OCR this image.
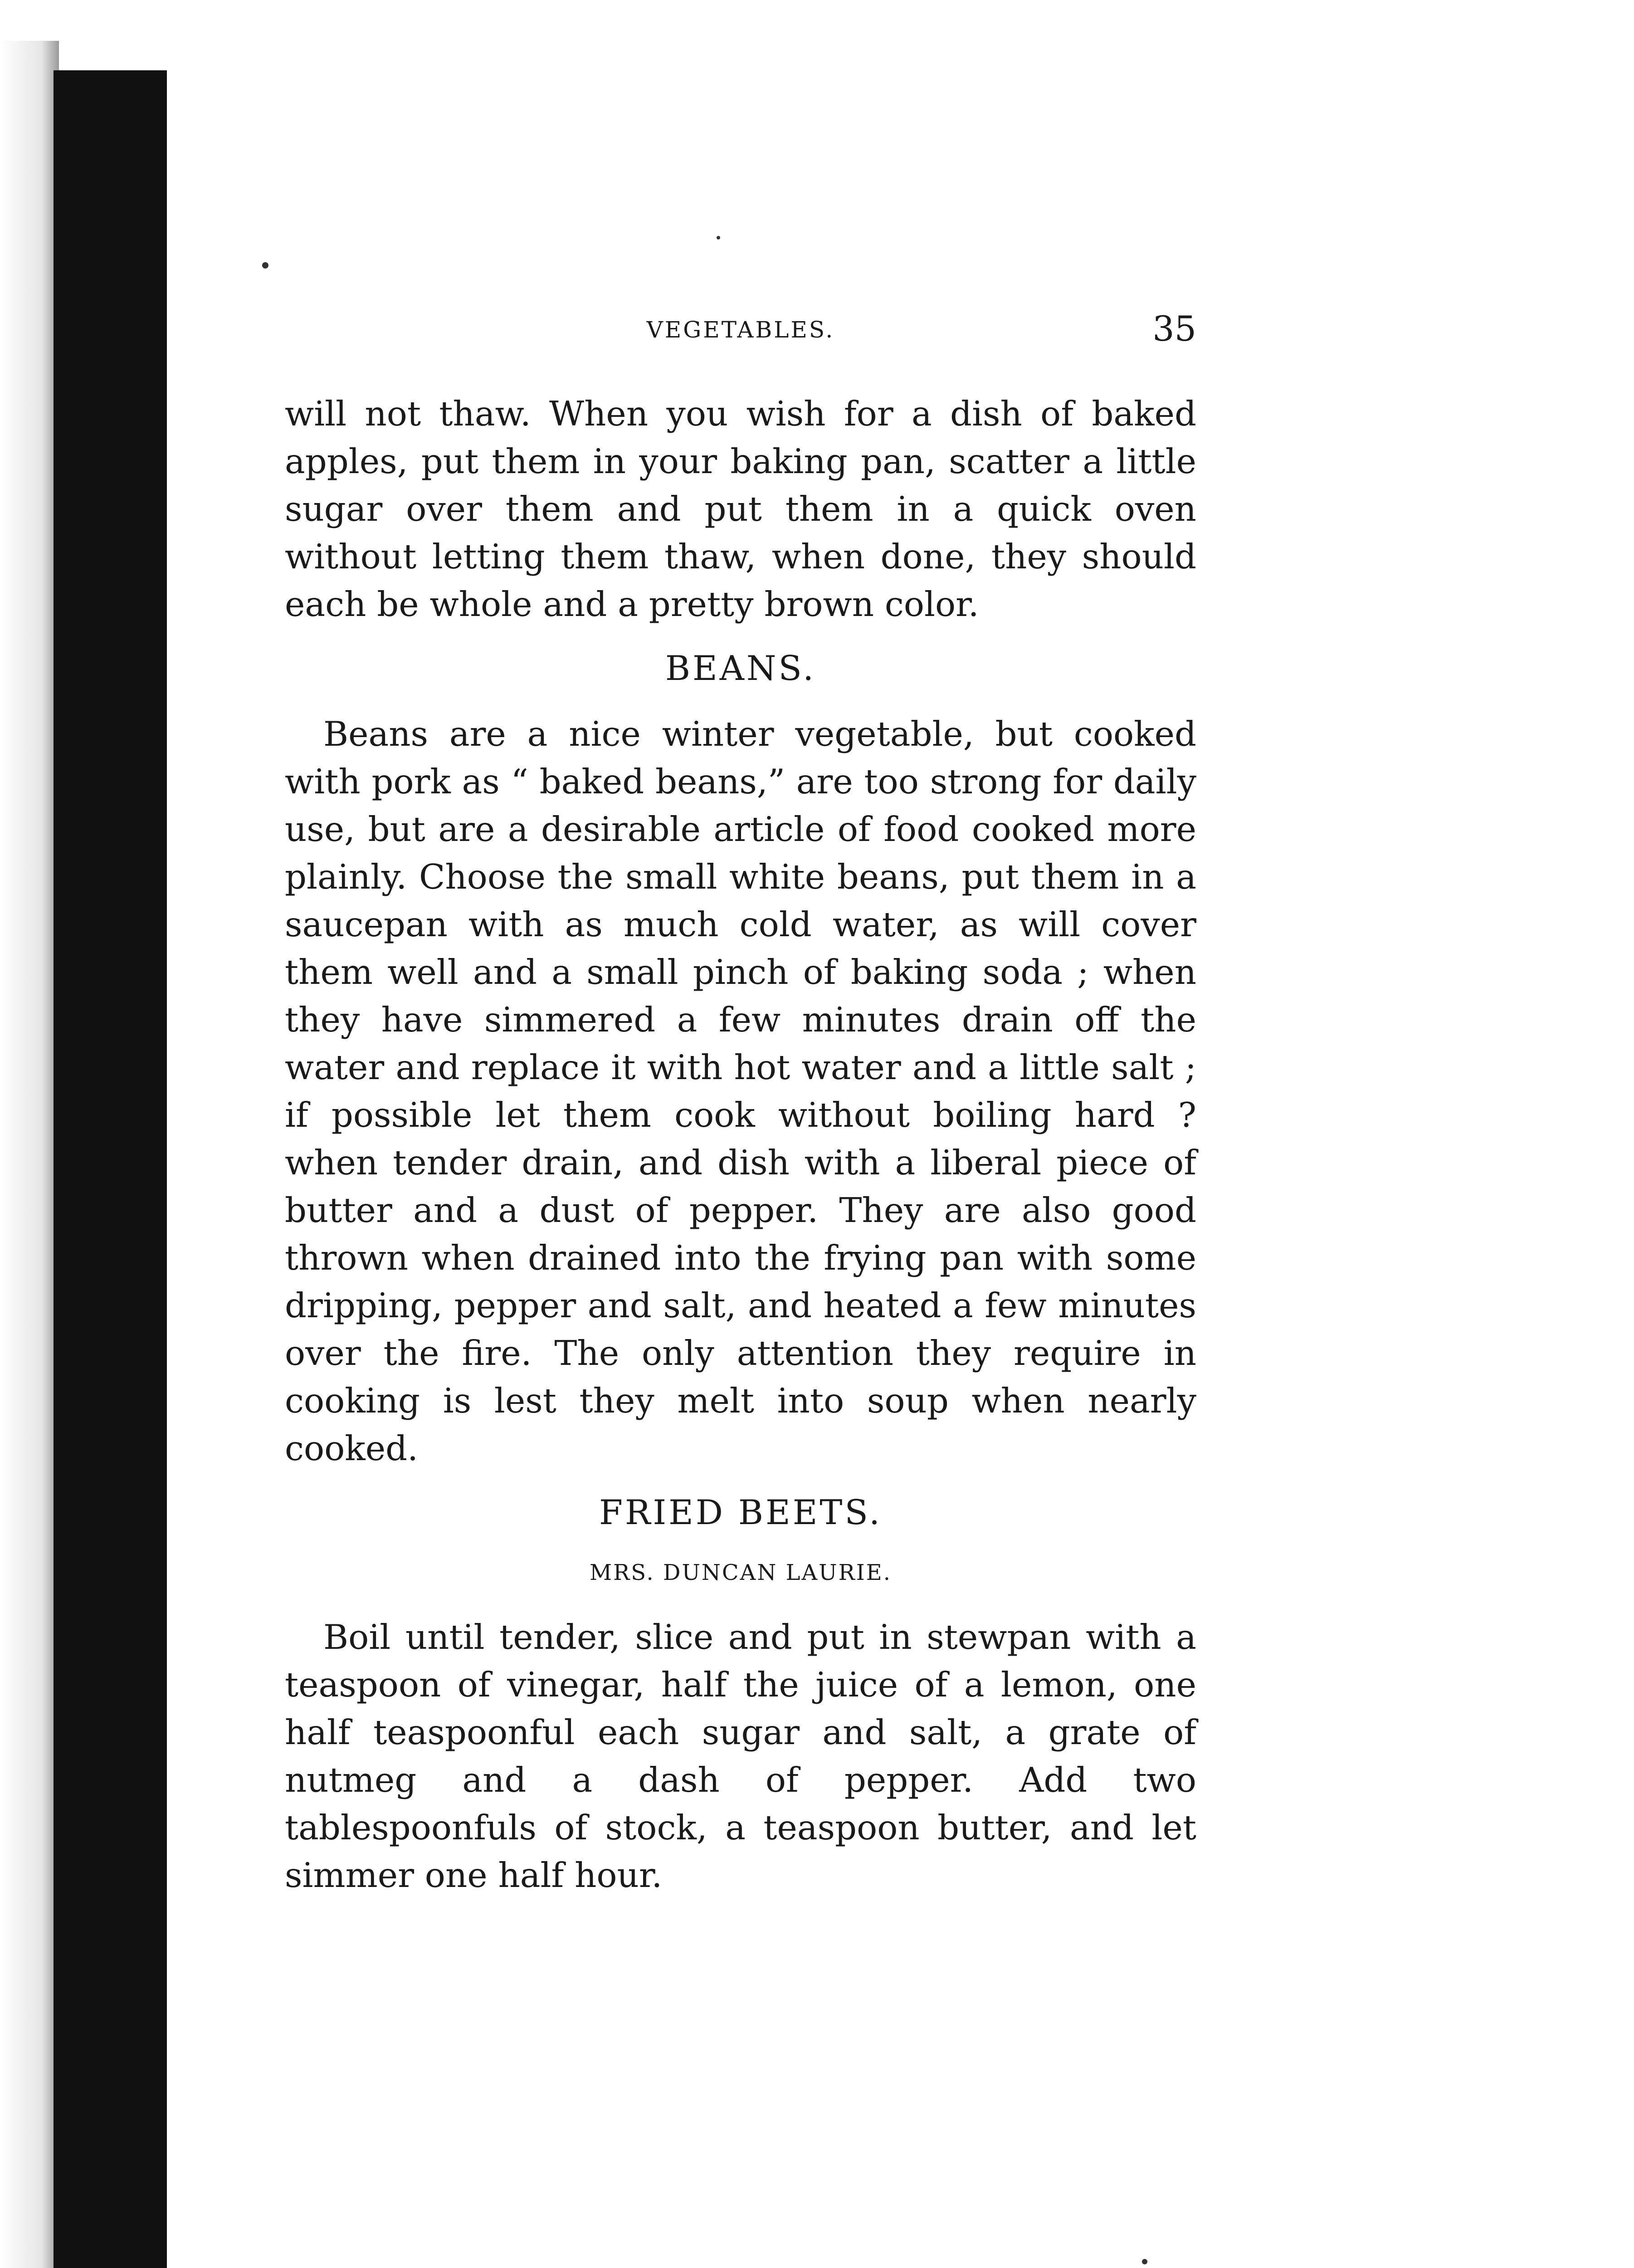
VEGETABLES.	35

will not thaw. When you wish for a dish of baked apples, put them in your baking pan, scatter a little sugar over them and put them in a quick oven without letting them thaw, when done, they should each be whole and a pretty brown color.

BEANS.

Beans are a nice winter vegetable, but cooked with pork as “ baked beans,” are too strong for daily use, but are a desirable article of food cooked more plainly. Choose the small white beans, put them in a saucepan with as much cold water, as will cover them well and a small pinch of baking soda ; when they have simmered a few minutes drain off the water and replace it with hot water and a little salt ; if possible let them cook without boiling hard ? when tender drain, and dish with a liberal piece of butter and a dust of pepper. They are also good thrown when drained into the frying pan with some dripping, pepper and salt, and heated a few minutes over the fire. The only attention they require in cooking is lest they melt into soup when nearly cooked.

FRIED BEETS.
MRS. DUNCAN LAURIE.

Boil until tender, slice and put in stewpan with a teaspoon of vinegar, half the juice of a lemon, one half teaspoonful each sugar and salt, a grate of nutmeg and a dash of pepper. Add two tablespoonfuls of stock, a teaspoon butter, and let simmer one half hour.
